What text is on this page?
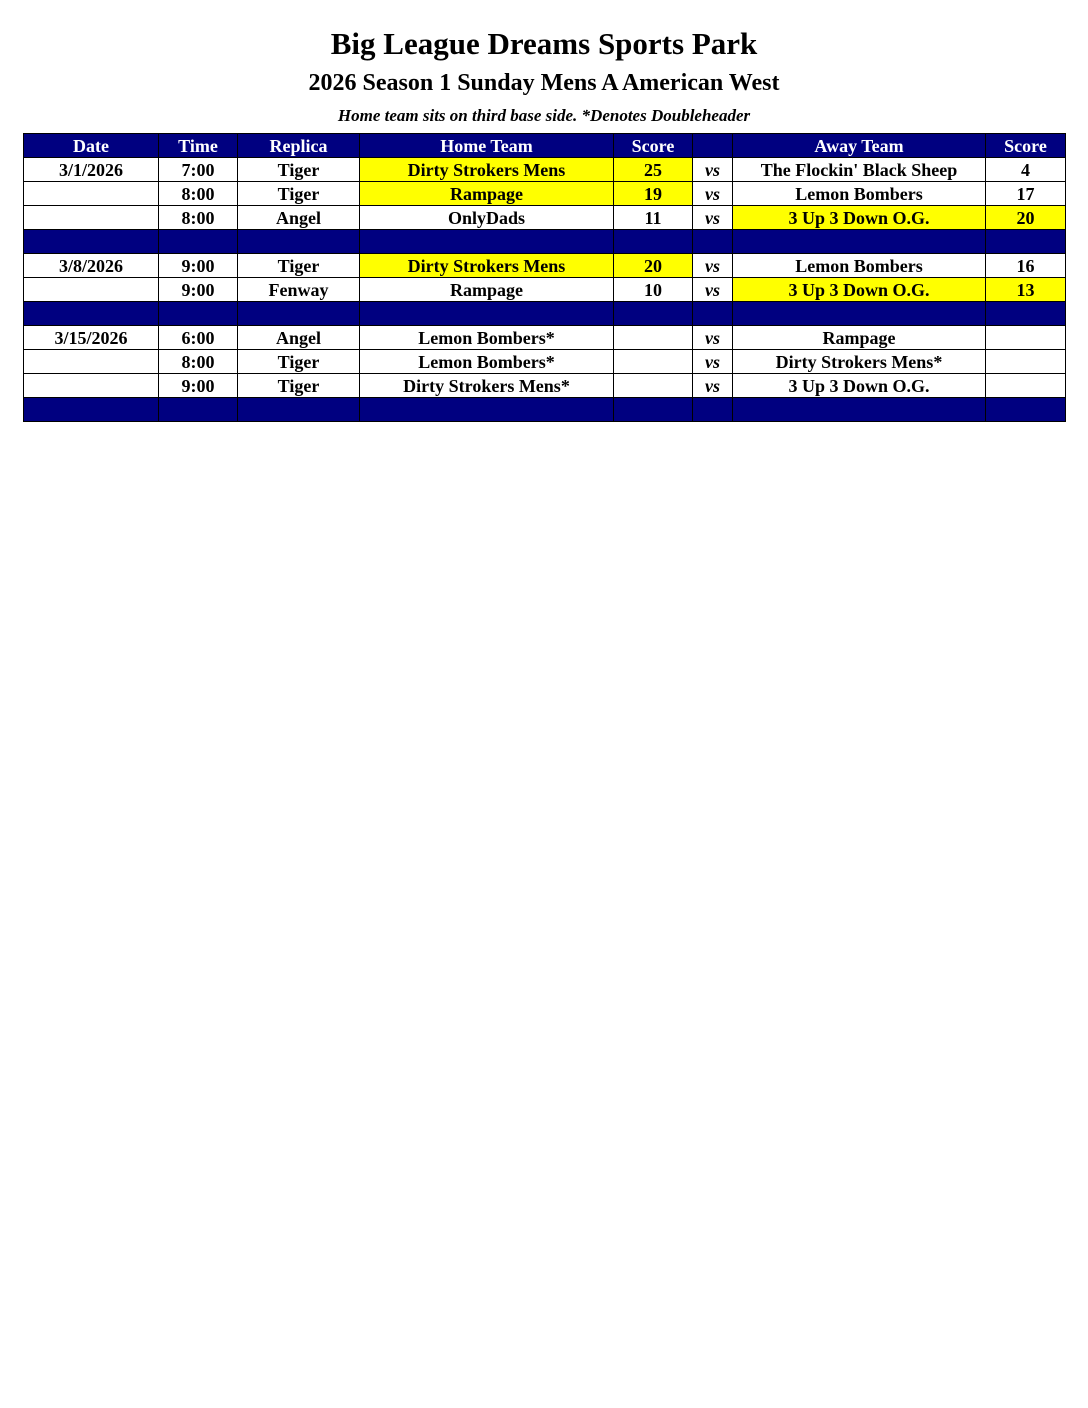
Big League Dreams Sports Park
2026 Season 1 Sunday Mens A American West
Home team sits on third base side. *Denotes Doubleheader
Date	Time	Replica	Home Team	Score		Away Team	Score
3/1/2026	7:00	Tiger	Dirty Strokers Mens	25	vs	The Flockin' Black Sheep	4
	8:00	Tiger	Rampage	19	vs	Lemon Bombers	17
	8:00	Angel	OnlyDads	11	vs	3 Up 3 Down O.G.	20

3/8/2026	9:00	Tiger	Dirty Strokers Mens	20	vs	Lemon Bombers	16
	9:00	Fenway	Rampage	10	vs	3 Up 3 Down O.G.	13

3/15/2026	6:00	Angel	Lemon Bombers*		vs	Rampage	
	8:00	Tiger	Lemon Bombers*		vs	Dirty Strokers Mens*	
	9:00	Tiger	Dirty Strokers Mens*		vs	3 Up 3 Down O.G.	
